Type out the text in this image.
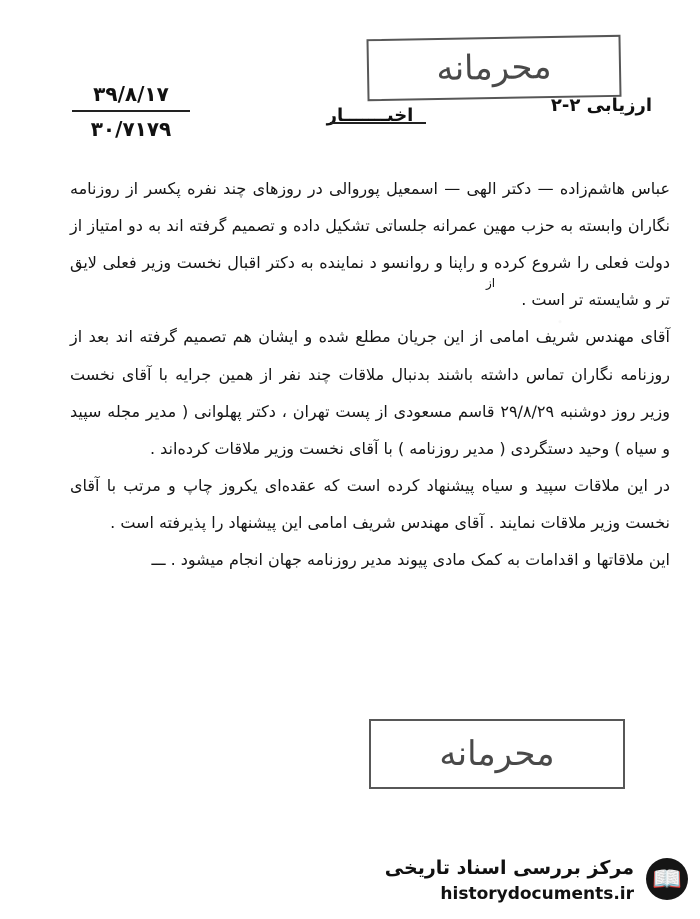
محرمانه
ارزیابی ۲-۲
۳۹/۸/۱۷
۳۰/۷۱۷۹
اخبـــــــار
از

عباس هاشم‌زاده — دکتر الهی — اسمعیل پورو‌الی در روزهای چند نفره پکسر از روزنامه نگاران وابسته به حزب مهین عمرانه جلساتی تشکیل داده و تصمیم گرفته اند به دو امتیاز از دولت فعلی را شروع کرده و راپنا و روانسو د نماینده به دکتر اقبال نخست وزیر فعلی لایق تر و شایسته تر است .

آقای مهندس شریف امامی از این جریان مطلع شده و ایشان هم تصمیم گرفته اند بعد از روزنامه نگاران تماس داشته باشند بدنبال ملاقات چند نفر از همین جرایه با آقای نخست وزیر روز دوشنبه ۲۹/۸/۲۹ قاسم مسعودی از پست تهران ، دکتر پهلوانی ( مدیر مجله سپید و سیاه ) وحید دستگردی ( مدیر روزنامه ) با آقای نخست وزیر ملاقات کرده‌اند .

در این ملاقات سپید و سیاه پیشنهاد کرده است که عقده‌ای یکروز چاپ و مرتب با آقای نخست وزیر ملاقات نمایند . آقای مهندس شریف امامی این پیشنهاد را پذیرفته است .

این ملاقاتها و اقدامات به کمک مادی پیوند مدیر روزنامه جهان انجام میشود . ـــ

محرمانه
📖
مرکز بررسی اسناد تاریخی
historydocuments.ir
